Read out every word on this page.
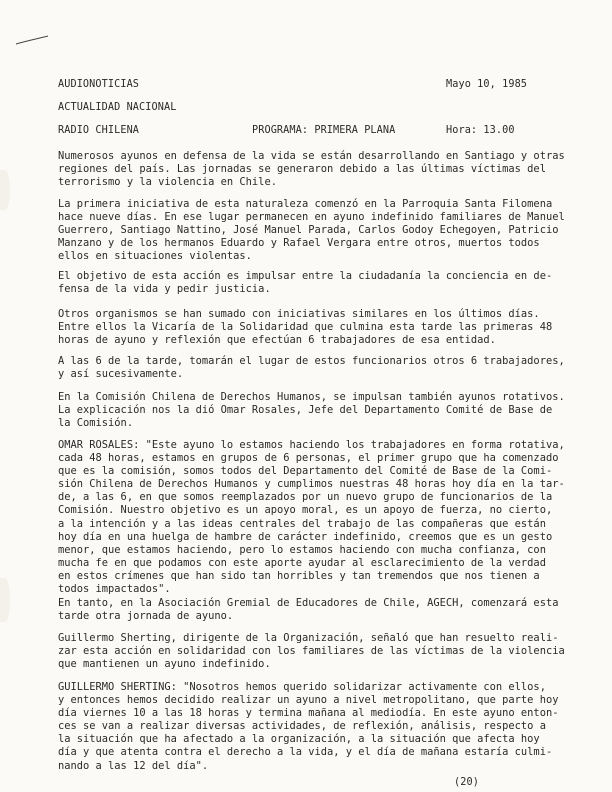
AUDIONOTICIAS	Mayo 10, 1985
ACTUALIDAD NACIONAL
RADIO CHILENA	PROGRAMA: PRIMERA PLANA	Hora: 13.00
Numerosos ayunos en defensa de la vida se están desarrollando en Santiago y otras
regiones del país. Las jornadas se generaron debido a las últimas víctimas del
terrorismo y la violencia en Chile.
La primera iniciativa de esta naturaleza comenzó en la Parroquia Santa Filomena
hace nueve días. En ese lugar permanecen en ayuno indefinido familiares de Manuel
Guerrero, Santiago Nattino, José Manuel Parada, Carlos Godoy Echegoyen, Patricio
Manzano y de los hermanos Eduardo y Rafael Vergara entre otros, muertos todos
ellos en situaciones violentas.
El objetivo de esta acción es impulsar entre la ciudadanía la conciencia en de-
fensa de la vida y pedir justicia.
Otros organismos se han sumado con iniciativas similares en los últimos días.
Entre ellos la Vicaría de la Solidaridad que culmina esta tarde las primeras 48
horas de ayuno y reflexión que efectúan 6 trabajadores de esa entidad.
A las 6 de la tarde, tomarán el lugar de estos funcionarios otros 6 trabajadores,
y así sucesivamente.
En la Comisión Chilena de Derechos Humanos, se impulsan también ayunos rotativos.
La explicación nos la dió Omar Rosales, Jefe del Departamento Comité de Base de
la Comisión.
OMAR ROSALES: "Este ayuno lo estamos haciendo los trabajadores en forma rotativa,
cada 48 horas, estamos en grupos de 6 personas, el primer grupo que ha comenzado
que es la comisión, somos todos del Departamento del Comité de Base de la Comi-
sión Chilena de Derechos Humanos y cumplimos nuestras 48 horas hoy día en la tar-
de, a las 6, en que somos reemplazados por un nuevo grupo de funcionarios de la
Comisión. Nuestro objetivo es un apoyo moral, es un apoyo de fuerza, no cierto,
a la intención y a las ideas centrales del trabajo de las compañeras que están
hoy día en una huelga de hambre de carácter indefinido, creemos que es un gesto
menor, que estamos haciendo, pero lo estamos haciendo con mucha confianza, con
mucha fe en que podamos con este aporte ayudar al esclarecimiento de la verdad
en estos crímenes que han sido tan horribles y tan tremendos que nos tienen a
todos impactados".
En tanto, en la Asociación Gremial de Educadores de Chile, AGECH, comenzará esta
tarde otra jornada de ayuno.
Guillermo Sherting, dirigente de la Organización, señaló que han resuelto reali-
zar esta acción en solidaridad con los familiares de las víctimas de la violencia
que mantienen un ayuno indefinido.
GUILLERMO SHERTING: "Nosotros hemos querido solidarizar activamente con ellos,
y entonces hemos decidido realizar un ayuno a nivel metropolitano, que parte hoy
día viernes 10 a las 18 horas y termina mañana al mediodía. En este ayuno enton-
ces se van a realizar diversas actividades, de reflexión, análisis, respecto a
la situación que ha afectado a la organización, a la situación que afecta hoy
día y que atenta contra el derecho a la vida, y el día de mañana estaría culmi-
nando a las 12 del día".
(20)
